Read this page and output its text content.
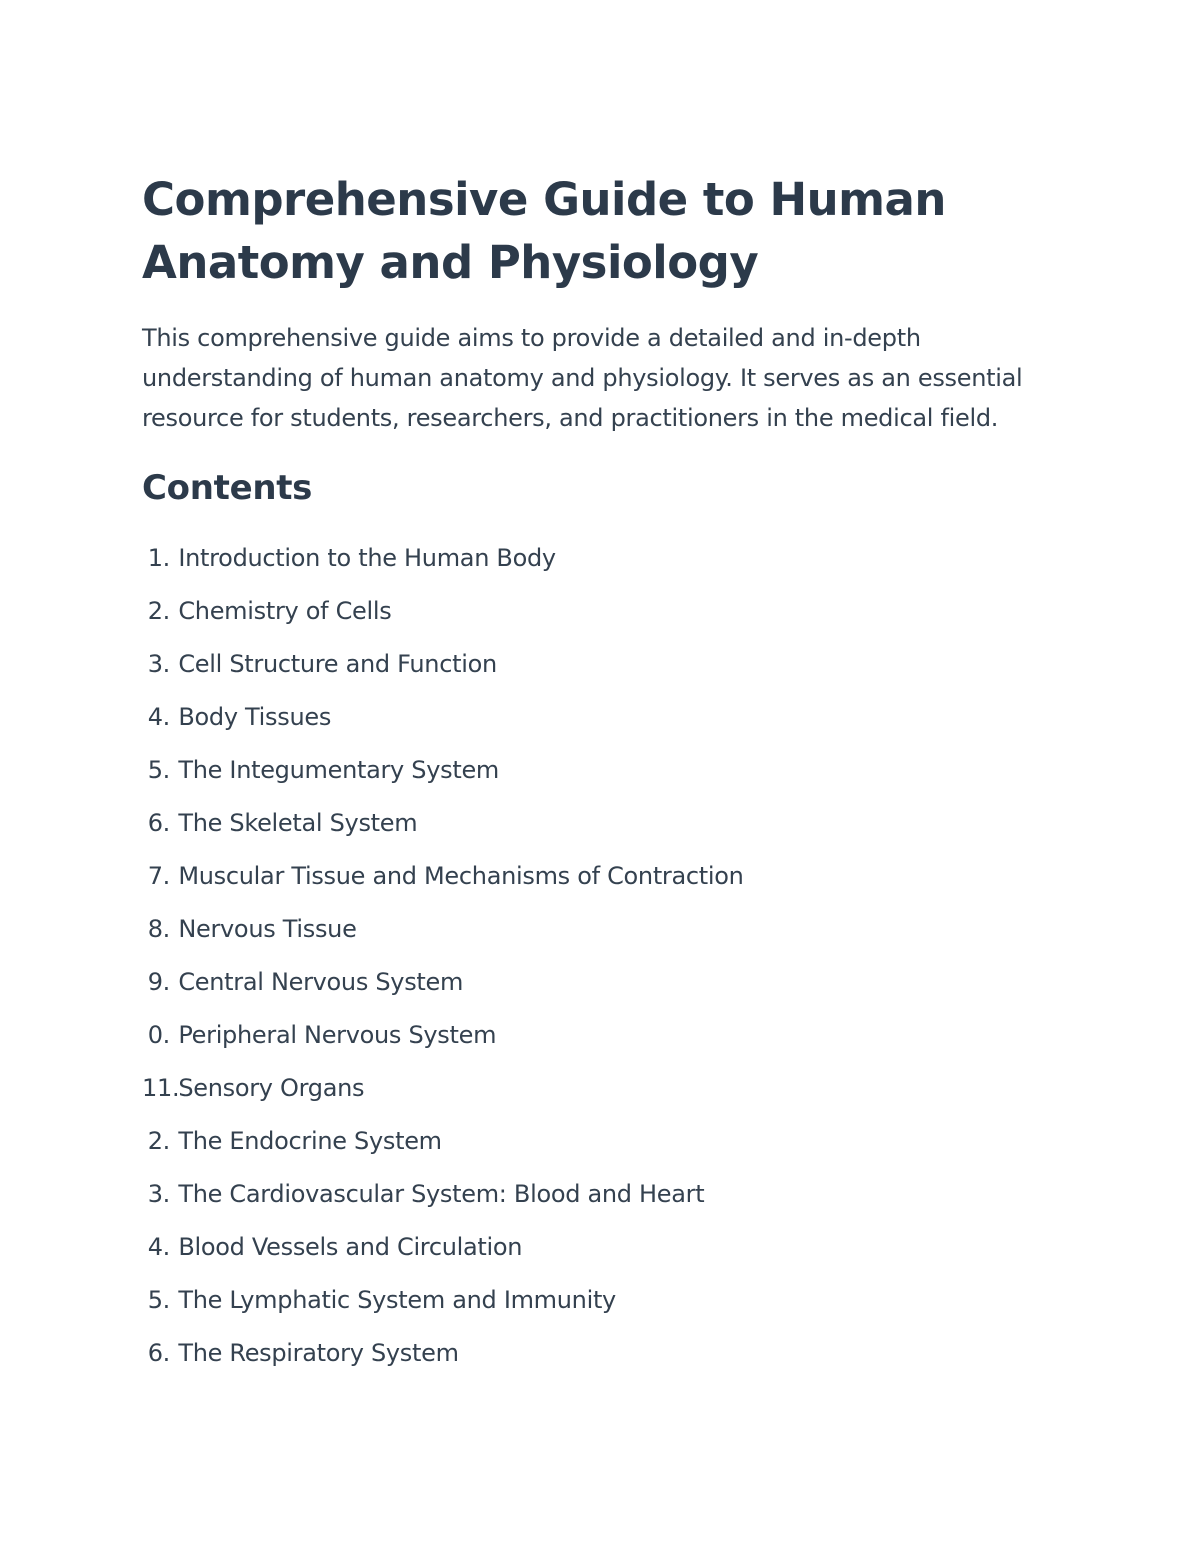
Comprehensive Guide to Human Anatomy and Physiology

This comprehensive guide aims to provide a detailed and in-depth understanding of human anatomy and physiology. It serves as an essential resource for students, researchers, and practitioners in the medical field.

Contents
1. Introduction to the Human Body
2. Chemistry of Cells
3. Cell Structure and Function
4. Body Tissues
5. The Integumentary System
6. The Skeletal System
7. Muscular Tissue and Mechanisms of Contraction
8. Nervous Tissue
9. Central Nervous System
0. Peripheral Nervous System
11. Sensory Organs
2. The Endocrine System
3. The Cardiovascular System: Blood and Heart
4. Blood Vessels and Circulation
5. The Lymphatic System and Immunity
6. The Respiratory System
